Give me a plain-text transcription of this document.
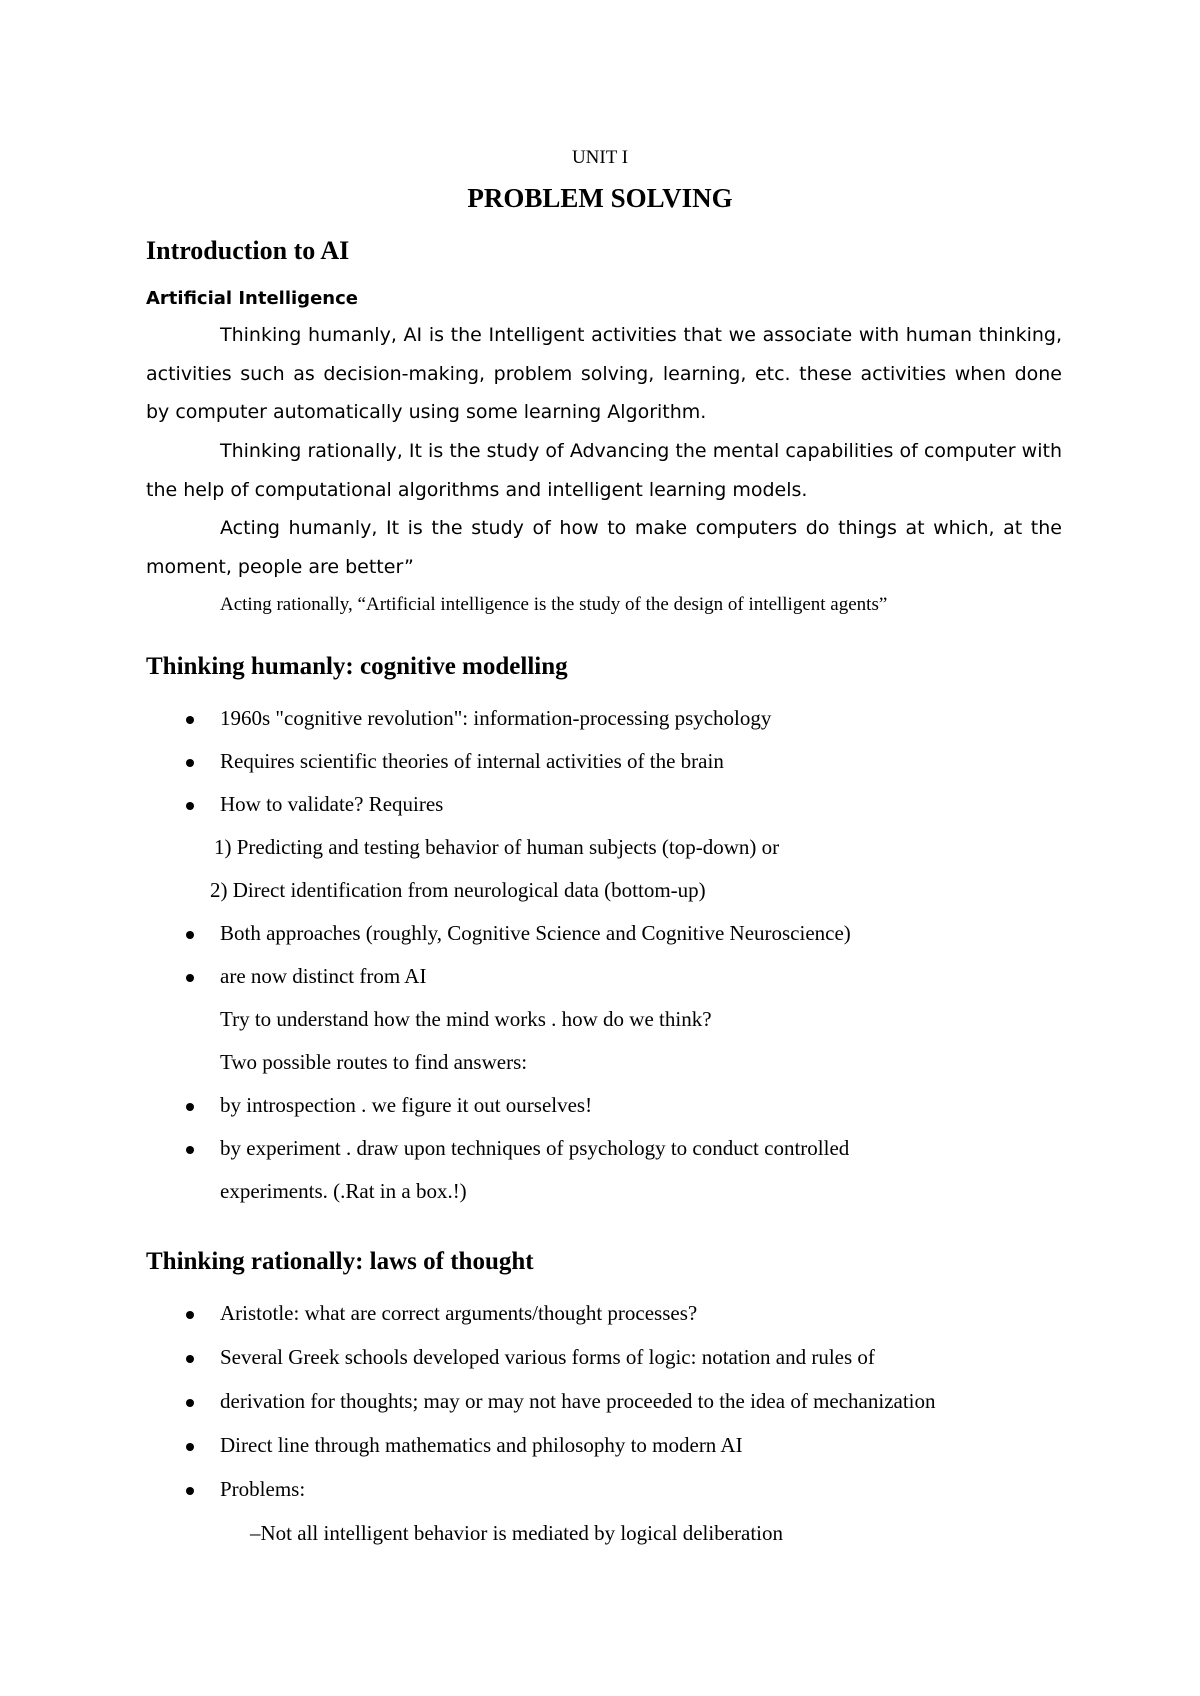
UNIT I
PROBLEM SOLVING
Introduction to AI
Artificial Intelligence
Thinking humanly, AI is the Intelligent activities that we associate with human thinking, activities such as decision-making, problem solving, learning, etc. these activities when done by computer automatically using some learning Algorithm.
Thinking rationally, It is the study of Advancing the mental capabilities of computer with the help of computational algorithms and intelligent learning models.
Acting humanly, It is the study of how to make computers do things at which, at the moment, people are better”
Acting rationally, “Artificial intelligence is the study of the design of intelligent agents”
Thinking humanly: cognitive modelling
1960s "cognitive revolution": information-processing psychology
Requires scientific theories of internal activities of the brain
How to validate? Requires
1) Predicting and testing behavior of human subjects (top-down) or
2) Direct identification from neurological data (bottom-up)
Both approaches (roughly, Cognitive Science and Cognitive Neuroscience)
are now distinct from AI
Try to understand how the mind works . how do we think?
Two possible routes to find answers:
by introspection . we figure it out ourselves!
by experiment . draw upon techniques of psychology to conduct controlled
experiments. (.Rat in a box.!)
Thinking rationally: laws of thought
Aristotle: what are correct arguments/thought processes?
Several Greek schools developed various forms of logic: notation and rules of
derivation for thoughts; may or may not have proceeded to the idea of mechanization
Direct line through mathematics and philosophy to modern AI
Problems:
–Not all intelligent behavior is mediated by logical deliberation
